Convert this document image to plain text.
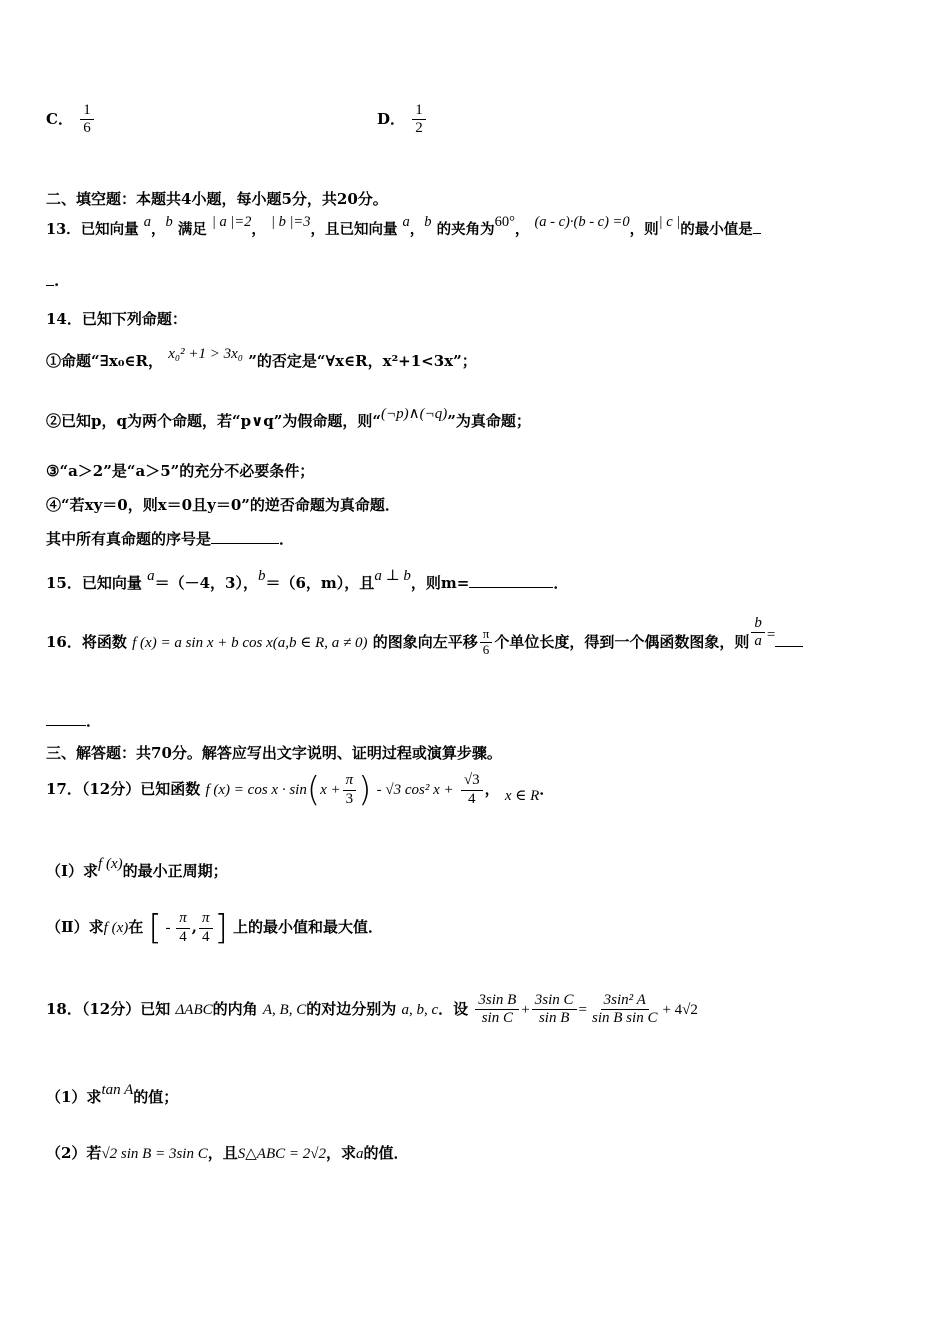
C． $\frac{1}{6}$	D． $\frac{1}{2}$
二、填空题：本题共4小题，每小题5分，共20分。
13．已知向量 a，b 满足 | a |=2， | b |=3，且已知向量 a，b 的夹角为60°， (a - c)·(b - c) =0，则| c |的最小值是
.
14．已知下列命题：
①命题“∃x₀∈R， x₀² +1 > 3x₀ ”的否定是“∀x∈R，x²+1<3x”；
②已知p，q为两个命题，若“p∨q”为假命题，则“(¬p)∧(¬q)”为真命题；
③“a＞2”是“a＞5”的充分不必要条件；
④“若xy＝0，则x＝0且y＝0”的逆否命题为真命题．
其中所有真命题的序号是	．
15．已知向量 a＝（－4，3），b＝（6，m），且a ⊥ b，则m=	．
16．将函数 f (x) = a sin x + b cos x(a,b ∈ R, a ≠ 0) 的图象向左平移 $\frac{\pi}{6}$ 个单位长度，得到一个偶函数图象，则 $\frac{b}{a}$ =
．
三、解答题：共70分。解答应写出文字说明、证明过程或演算步骤。
17．（12分）已知函数 f $(x) = \cos x \cdot \sin(x + \frac{\pi}{3}$ ) - √3 cos² $x + \frac{√3}{4}$ ， x ∈ R．
（Ⅰ）求f (x)的最小正周期；
（Ⅱ）求f (x)在 [ - $\frac{\pi}{4}$ , $\frac{\pi}{4}$ ] 上的最小值和最大值．
18．（12分）已知 ΔABC的内角 A, B, C的对边分别为 a, b, c．设 $\frac{\text{3sin B}}{\text{sin C}} + \frac{\text{3sin C}}{\text{sin B}} = \frac{\text{3sin² A}}{\text{sin B sin C}} + 4√2$
（1）求tan A的值；
（2）若√2 sin B = 3sin C，且S△ABC = 2√2，求a的值．
